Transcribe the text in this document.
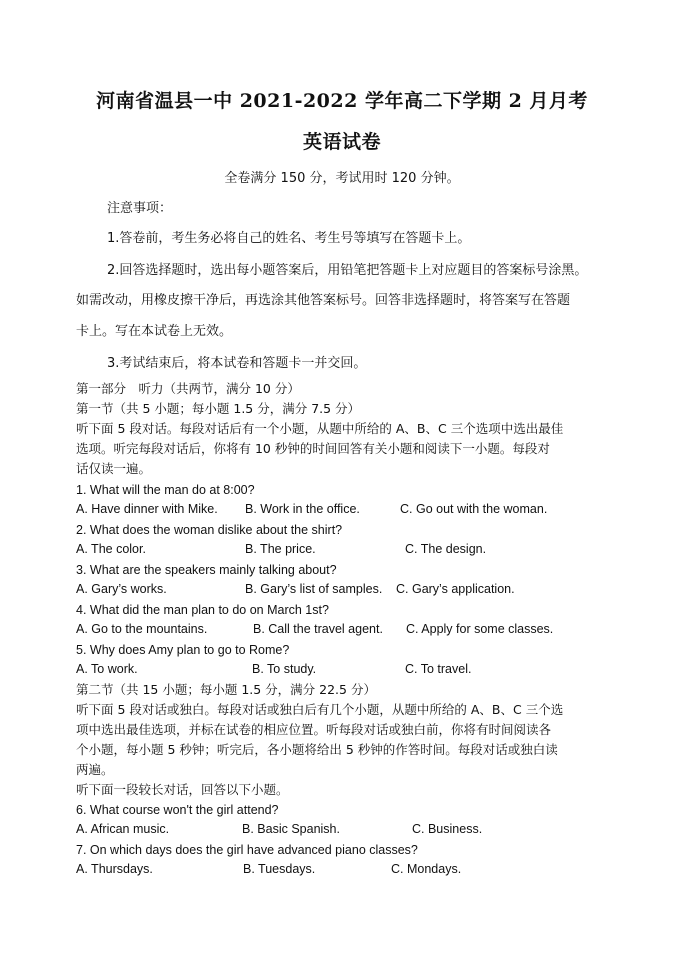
河南省温县一中 2021-2022 学年高二下学期 2 月月考
英语试卷
全卷满分 150 分，考试用时 120 分钟。
注意事项：
1.答卷前，考生务必将自己的姓名、考生号等填写在答题卡上。
2.回答选择题时，选出每小题答案后，用铅笔把答题卡上对应题目的答案标号涂黑。
如需改动，用橡皮擦干净后，再选涂其他答案标号。回答非选择题时，将答案写在答题
卡上。写在本试卷上无效。
3.考试结束后，将本试卷和答题卡一并交回。
第一部分　听力（共两节，满分 10 分）
第一节（共 5 小题；每小题 1.5 分，满分 7.5 分）
听下面 5 段对话。每段对话后有一个小题，从题中所给的 A、B、C 三个选项中选出最佳
选项。听完每段对话后，你将有 10 秒钟的时间回答有关小题和阅读下一小题。每段对
话仅读一遍。
1. What will the man do at 8:00?
A. Have dinner with Mike. B. Work in the office.	C. Go out with the woman.
2. What does the woman dislike about the shirt?
A. The color.	B. The price.	C. The design.
3. What are the speakers mainly talking about?
A. Gary’s works.	B. Gary’s list of samples. C. Gary’s application.
4. What did the man plan to do on March 1st?
A. Go to the mountains.	B. Call the travel agent. C. Apply for some classes.
5. Why does Amy plan to go to Rome?
A. To work.	B. To study.	C. To travel.
第二节（共 15 小题；每小题 1.5 分，满分 22.5 分）
听下面 5 段对话或独白。每段对话或独白后有几个小题，从题中所给的 A、B、C 三个选
项中选出最佳选项，并标在试卷的相应位置。听每段对话或独白前，你将有时间阅读各
个小题，每小题 5 秒钟；听完后，各小题将给出 5 秒钟的作答时间。每段对话或独白读
两遍。
听下面一段较长对话，回答以下小题。
6. What course won't the girl attend?
A. African music.	B. Basic Spanish.	C. Business.
7. On which days does the girl have advanced piano classes?
A. Thursdays.	B. Tuesdays.	C. Mondays.
